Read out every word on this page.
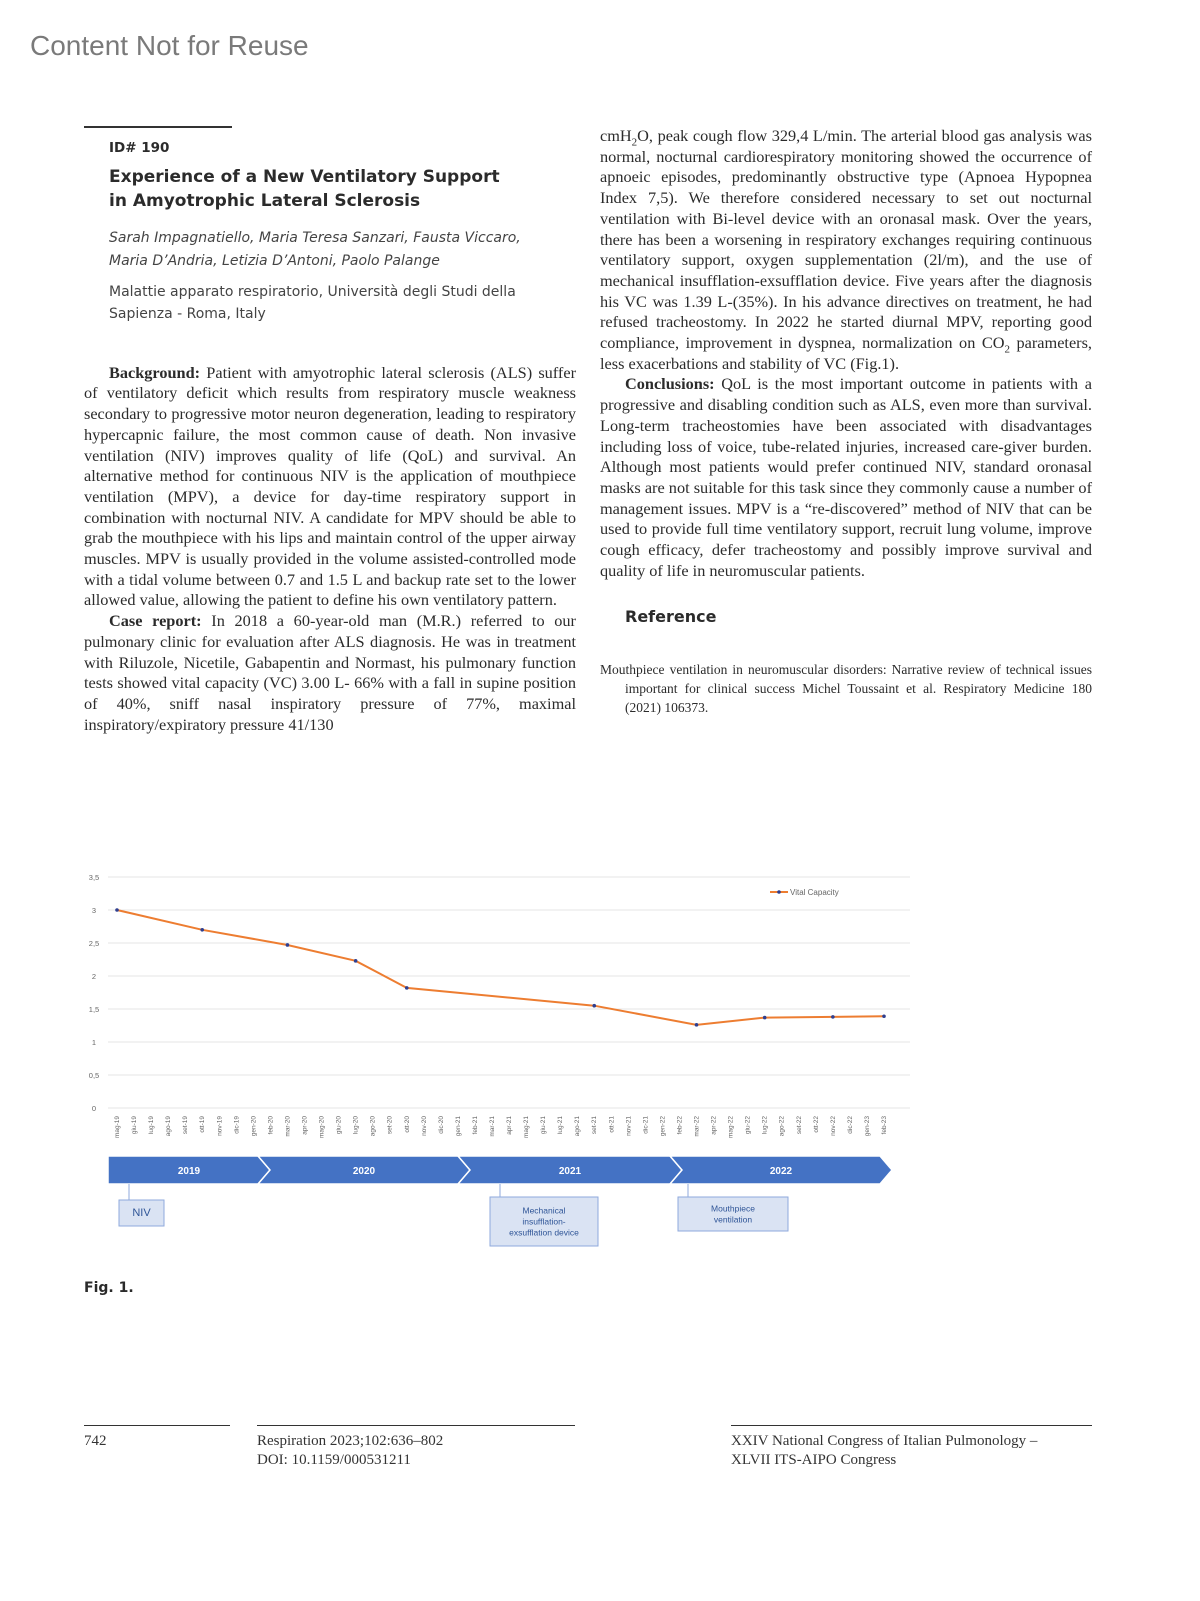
Content Not for Reuse
ID# 190
Experience of a New Ventilatory Support
in Amyotrophic Lateral Sclerosis
Sarah Impagnatiello, Maria Teresa Sanzari, Fausta Viccaro,
Maria D’Andria, Letizia D’Antoni, Paolo Palange
Malattie apparato respiratorio, Università degli Studi della
Sapienza - Roma, Italy

Background: Patient with amyotrophic lateral sclerosis (ALS) suffer of ventilatory deficit which results from respiratory muscle weakness secondary to progressive motor neuron degeneration, leading to respiratory hypercapnic failure, the most common cause of death. Non invasive ventilation (NIV) improves quality of life (QoL) and survival. An alternative method for continuous NIV is the application of mouthpiece ventilation (MPV), a device for day-time respiratory support in combination with nocturnal NIV. A candidate for MPV should be able to grab the mouthpiece with his lips and maintain control of the upper airway muscles. MPV is usually provided in the volume assisted-controlled mode with a tidal volume between 0.7 and 1.5 L and backup rate set to the lower allowed value, allowing the patient to define his own ventilatory pattern.

Case report: In 2018 a 60-year-old man (M.R.) referred to our pulmonary clinic for evaluation after ALS diagnosis. He was in treatment with Riluzole, Nicetile, Gabapentin and Normast, his pulmonary function tests showed vital capacity (VC) 3.00 L- 66% with a fall in supine position of 40%, sniff nasal inspiratory pressure of 77%, maximal inspiratory/expiratory pressure 41/130

cmH$_2$O, peak cough flow 329,4 L/min. The arterial blood gas analysis was normal, nocturnal cardiorespiratory monitoring showed the occurrence of apnoeic episodes, predominantly obstructive type (Apnoea Hypopnea Index 7,5). We therefore considered necessary to set out nocturnal ventilation with Bi-level device with an oronasal mask. Over the years, there has been a worsening in respiratory exchanges requiring continuous ventilatory support, oxygen supplementation (2l/m), and the use of mechanical insufflation-exsufflation device. Five years after the diagnosis his VC was 1.39 L-(35%). In his advance directives on treatment, he had refused tracheostomy. In 2022 he started diurnal MPV, reporting good compliance, improvement in dyspnea, normalization on $CO_2$ parameters, less exacerbations and stability of VC (Fig.1).

Conclusions: QoL is the most important outcome in patients with a progressive and disabling condition such as ALS, even more than survival. Long-term tracheostomies have been associated with disadvantages including loss of voice, tube-related injuries, increased care-giver burden. Although most patients would prefer continued NIV, standard oronasal masks are not suitable for this task since they commonly cause a number of management issues. MPV is a “re-discovered” method of NIV that can be used to provide full time ventilatory support, recruit lung volume, improve cough efficacy, defer tracheostomy and possibly improve survival and quality of life in neuromuscular patients.

Reference
Mouthpiece ventilation in neuromuscular disorders: Narrative review of technical issues important for clinical success Michel Toussaint et al. Respiratory Medicine 180 (2021) 106373.
0
0,5
1
1,5
2
2,5
3
3,5
mag-19 giu-19 lug-19 ago-19 set-19 ott-19 nov-19 dic-19 gen-20 feb-20 mar-20 apr-20 mag-20 giu-20 lug-20 ago-20 set-20 ott-20 nov-20 dic-20 gen-21 feb-21 mar-21 apr-21 mag-21 giu-21 lug-21 ago-21 set-21 ott-21 nov-21 dic-21 gen-22 feb-22 mar-22 apr-22 mag-22 giu-22 lug-22 ago-22 set-22 ott-22 nov-22 dic-22 gen-23 feb-23
Vital Capacity
2019	2020	2021	2022
NIV	Mechanical
insufflation-
exsufflation device
Mouthpiece
ventilation
Fig. 1.
742	Respiration 2023;102:636–802
DOI: 10.1159/000531211
XXIV National Congress of Italian Pulmonology –
XLVII ITS-AIPO Congress
